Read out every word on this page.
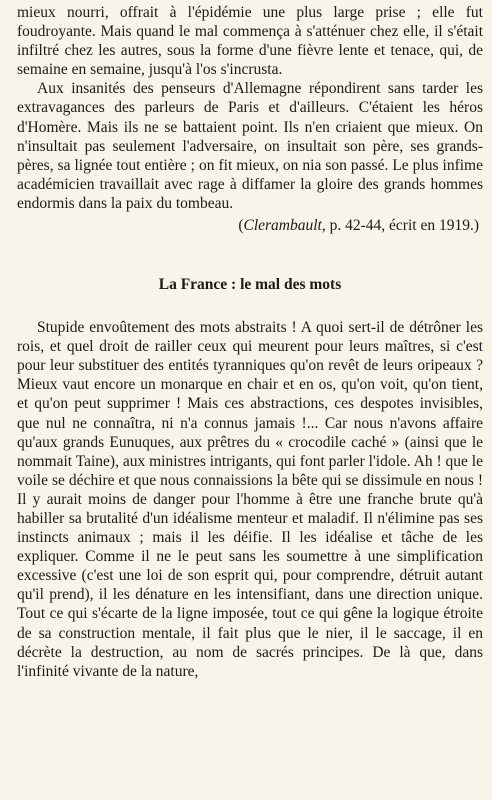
mieux nourri, offrait à l'épidémie une plus large prise ; elle fut foudroyante. Mais quand le mal commença à s'atténuer chez elle, il s'était infiltré chez les autres, sous la forme d'une fièvre lente et tenace, qui, de semaine en semaine, jusqu'à l'os s'incrusta.

Aux insanités des penseurs d'Allemagne répondirent sans tarder les extravagances des parleurs de Paris et d'ailleurs. C'étaient les héros d'Homère. Mais ils ne se battaient point. Ils n'en criaient que mieux. On n'insultait pas seulement l'adversaire, on insultait son père, ses grands-pères, sa lignée tout entière ; on fit mieux, on nia son passé. Le plus infime académicien travaillait avec rage à diffamer la gloire des grands hommes endormis dans la paix du tombeau.

(Clerambault, p. 42-44, écrit en 1919.)

La France : le mal des mots

Stupide envoûtement des mots abstraits ! A quoi sert-il de détrôner les rois, et quel droit de railler ceux qui meurent pour leurs maîtres, si c'est pour leur substituer des entités tyranniques qu'on revêt de leurs oripeaux ? Mieux vaut encore un monarque en chair et en os, qu'on voit, qu'on tient, et qu'on peut supprimer ! Mais ces abstractions, ces despotes invisibles, que nul ne connaîtra, ni n'a connus jamais !... Car nous n'avons affaire qu'aux grands Eunuques, aux prêtres du « crocodile caché » (ainsi que le nommait Taine), aux ministres intrigants, qui font parler l'idole. Ah ! que le voile se déchire et que nous connaissions la bête qui se dissimule en nous ! Il y aurait moins de danger pour l'homme à être une franche brute qu'à habiller sa brutalité d'un idéalisme menteur et maladif. Il n'élimine pas ses instincts animaux ; mais il les déifie. Il les idéalise et tâche de les expliquer. Comme il ne le peut sans les soumettre à une simplification excessive (c'est une loi de son esprit qui, pour comprendre, détruit autant qu'il prend), il les dénature en les intensifiant, dans une direction unique. Tout ce qui s'écarte de la ligne imposée, tout ce qui gêne la logique étroite de sa construction mentale, il fait plus que le nier, il le saccage, il en décrète la destruction, au nom de sacrés principes. De là que, dans l'infinité vivante de la nature,
